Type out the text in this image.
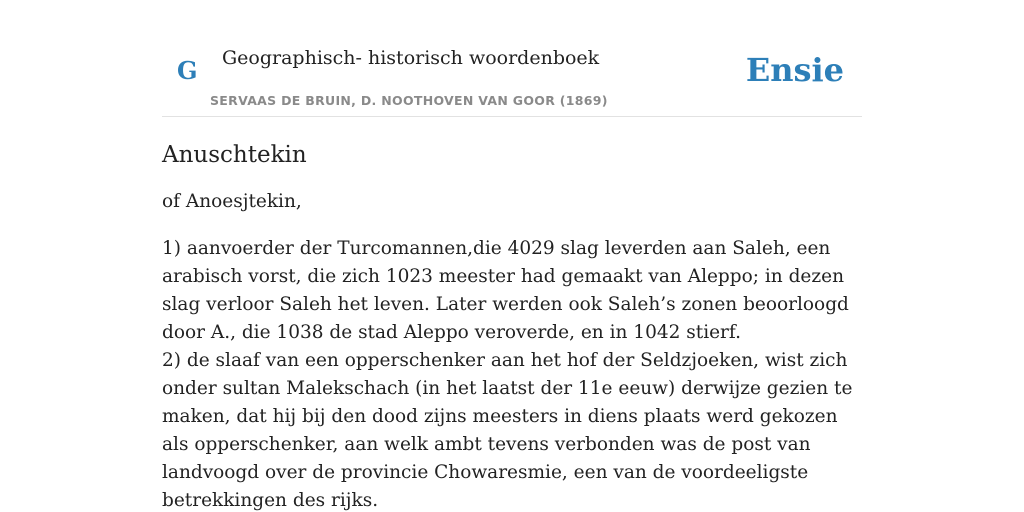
G Geographisch- historisch woordenboek
SERVAAS DE BRUIN, D. NOOTHOVEN VAN GOOR (1869)
Ensie
Anuschtekin

of Anoesjtekin,

1) aanvoerder der Turcomannen,die 4029 slag leverden aan Saleh, een arabisch vorst, die zich 1023 meester had gemaakt van Aleppo; in dezen slag verloor Saleh het leven. Later werden ook Saleh’s zonen beoorloogd door A., die 1038 de stad Aleppo veroverde, en in 1042 stierf.

2) de slaaf van een opperschenker aan het hof der Seldzjoeken, wist zich onder sultan Malekschach (in het laatst der 11e eeuw) derwijze gezien te maken, dat hij bij den dood zijns meesters in diens plaats werd gekozen als opperschenker, aan welk ambt tevens verbonden was de post van landvoogd over de provincie Chowaresmie, een van de voordeeligste betrekkingen des rijks.
